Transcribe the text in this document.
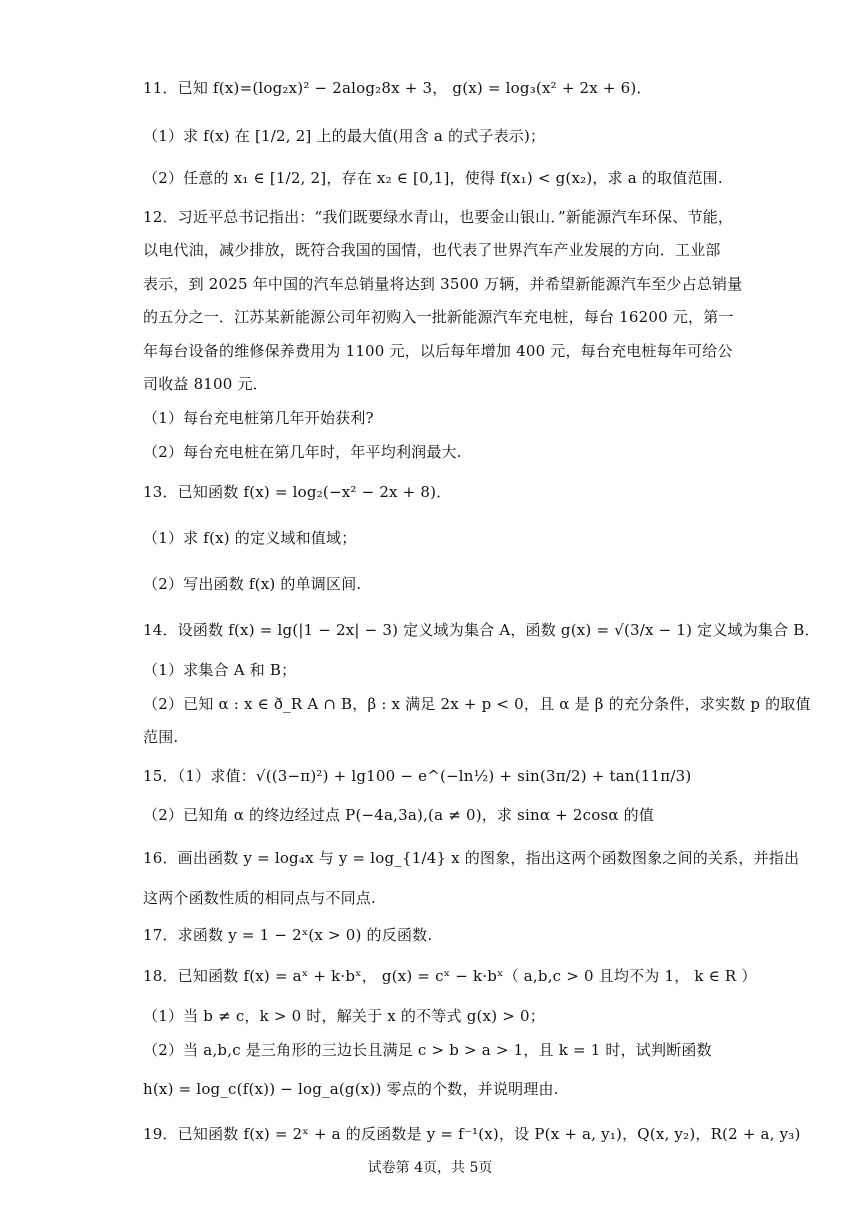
11．已知 f(x)=(log₂x)² − 2alog₂8x + 3， g(x) = log₃(x² + 2x + 6)．
（1）求 f(x) 在 [1/2, 2] 上的最大值(用含 a 的式子表示)；
（2）任意的 x₁ ∈ [1/2, 2]，存在 x₂ ∈ [0,1]，使得 f(x₁) < g(x₂)，求 a 的取值范围.
12．习近平总书记指出：“我们既要绿水青山，也要金山银山．”新能源汽车环保、节能，
以电代油，减少排放，既符合我国的国情，也代表了世界汽车产业发展的方向．工业部
表示，到 2025 年中国的汽车总销量将达到 3500 万辆，并希望新能源汽车至少占总销量
的五分之一．江苏某新能源公司年初购入一批新能源汽车充电桩，每台 16200 元，第一
年每台设备的维修保养费用为 1100 元，以后每年增加 400 元，每台充电桩每年可给公
司收益 8100 元．
（1）每台充电桩第几年开始获利?
（2）每台充电桩在第几年时，年平均利润最大.
13．已知函数 f(x) = log₂(−x² − 2x + 8)．
（1）求 f(x) 的定义域和值域；
（2）写出函数 f(x) 的单调区间.
14．设函数 f(x) = lg(|1 − 2x| − 3) 定义域为集合 A，函数 g(x) = √(3/x − 1) 定义域为集合 B．
（1）求集合 A 和 B；
（2）已知 α : x ∈ ð_R A ∩ B，β : x 满足 2x + p < 0，且 α 是 β 的充分条件，求实数 p 的取值
范围.
15．（1）求值：√((3−π)²) + lg100 − e^(−ln½) + sin(3π/2) + tan(11π/3)
（2）已知角 α 的终边经过点 P(−4a,3a),(a ≠ 0)，求 sinα + 2cosα 的值
16．画出函数 y = log₄x 与 y = log_{1/4} x 的图象，指出这两个函数图象之间的关系，并指出
这两个函数性质的相同点与不同点.
17．求函数 y = 1 − 2ˣ(x > 0) 的反函数.
18．已知函数 f(x) = aˣ + k·bˣ， g(x) = cˣ − k·bˣ（ a,b,c > 0 且均不为 1， k ∈ R ）
（1）当 b ≠ c，k > 0 时，解关于 x 的不等式 g(x) > 0；
（2）当 a,b,c 是三角形的三边长且满足 c > b > a > 1，且 k = 1 时，试判断函数
h(x) = log_c(f(x)) − log_a(g(x)) 零点的个数，并说明理由.
19．已知函数 f(x) = 2ˣ + a 的反函数是 y = f⁻¹(x)，设 P(x + a, y₁)，Q(x, y₂)，R(2 + a, y₃)
试卷第 4页，共 5页
